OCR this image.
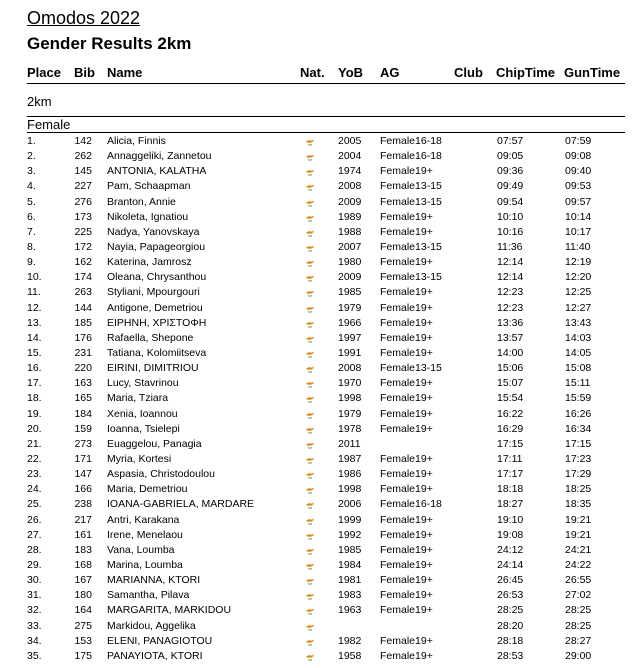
Omodos 2022
Gender Results 2km
Place Bib Name	Nat. YoB AG	Club ChipTime GunTime
2km
Female
1.	142 Alicia, Finnis	2005 Female16-18	07:57	07:59
2.	262 Annaggeliki, Zannetou	2004 Female16-18	09:05	09:08
3.	145 ANTONIA, KALATHA	1974 Female19+	09:36	09:40
4.	227 Pam, Schaapman	2008 Female13-15	09:49	09:53
5.	276 Branton, Annie	2009 Female13-15	09:54	09:57
6.	173 Nikoleta, Ignatiou	1989 Female19+	10:10	10:14
7.	225 Nadya, Yanovskaya	1988 Female19+	10:16	10:17
8.	172 Nayia, Papageorgiou	2007 Female13-15	11:36	11:40
9.	162 Katerina, Jamrosz	1980 Female19+	12:14	12:19
10.	174 Oleana, Chrysanthou	2009 Female13-15	12:14	12:20
11.	263 Styliani, Mpourgouri	1985 Female19+	12:23	12:25
12.	144 Antigone, Demetriou	1979 Female19+	12:23	12:27
13.	185 ΕΙΡΗΝΗ, ΧΡΙΣΤΟΦΗ	1966 Female19+	13:36	13:43
14.	176 Rafaella, Shepone	1997 Female19+	13:57	14:03
15.	231 Tatiana, Kolomiitseva	1991 Female19+	14:00	14:05
16.	220 EIRINI, DIMITRIOU	2008 Female13-15	15:06	15:08
17.	163 Lucy, Stavrinou	1970 Female19+	15:07	15:11
18.	165 Maria, Tziara	1998 Female19+	15:54	15:59
19.	184 Xenia, Ioannou	1979 Female19+	16:22	16:26
20.	159 Ioanna, Tsielepi	1978 Female19+	16:29	16:34
21.	273 Euaggelou, Panagia	2011	17:15	17:15
22.	171 Myria, Kortesi	1987 Female19+	17:11	17:23
23.	147 Aspasia, Christodoulou	1986 Female19+	17:17	17:29
24.	166 Maria, Demetriou	1998 Female19+	18:18	18:25
25.	238 IOANA-GABRIELA, MARDARE	2006 Female16-18	18:27	18:35
26.	217 Antri, Karakana	1999 Female19+	19:10	19:21
27.	161 Irene, Menelaou	1992 Female19+	19:08	19:21
28.	183 Vana, Loumba	1985 Female19+	24:12	24:21
29.	168 Marina, Loumba	1984 Female19+	24:14	24:22
30.	167 MARIANNA, KTORI	1981 Female19+	26:45	26:55
31.	180 Samantha, Pilava	1983 Female19+	26:53	27:02
32.	164 MARGARITA, MARKIDOU	1963 Female19+	28:25	28:25
33.	275 Markidou, Aggelika	28:20	28:25
34.	153 ELENI, PANAGIOTOU	1982 Female19+	28:18	28:27
35.	175 PANAYIOTA, KTORI	1958 Female19+	28:53	29:00
